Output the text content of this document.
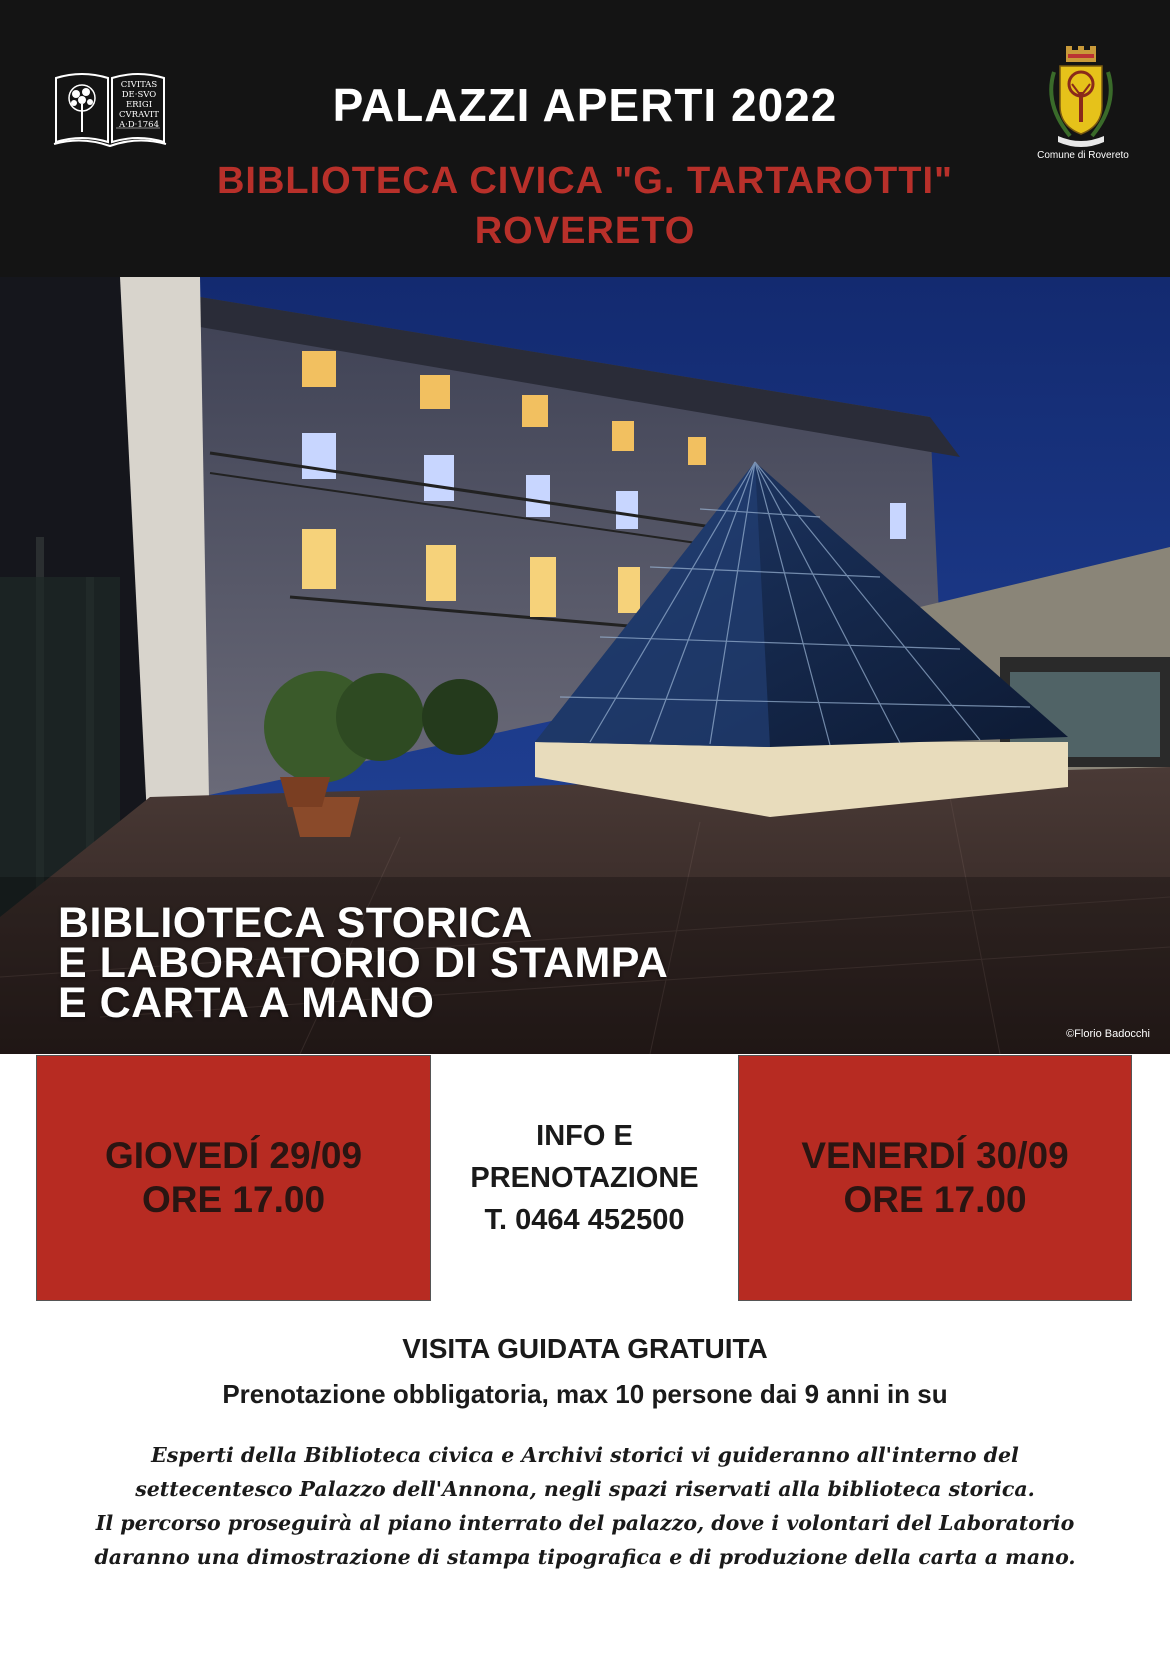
CIVITAS
DE·SVO
ERIGI
CVRAVIT
A·D·1764	PALAZZI APERTI 2022
BIBLIOTECA CIVICA "G. TARTAROTTI"
ROVERETO
Comune di Rovereto
BIBLIOTECA STORICA
E LABORATORIO DI STAMPA
E CARTA A MANO
©Florio Badocchi
GIOVEDÍ 29/09
ORE 17.00
INFO E
PRENOTAZIONE
T. 0464 452500
VENERDÍ 30/09
ORE 17.00
VISITA GUIDATA GRATUITA
Prenotazione obbligatoria, max 10 persone dai 9 anni in su
Esperti della Biblioteca civica e Archivi storici vi guideranno all'interno del
settecentesco Palazzo dell'Annona, negli spazi riservati alla biblioteca storica.
Il percorso proseguirà al piano interrato del palazzo, dove i volontari del Laboratorio
daranno una dimostrazione di stampa tipografica e di produzione della carta a mano.
